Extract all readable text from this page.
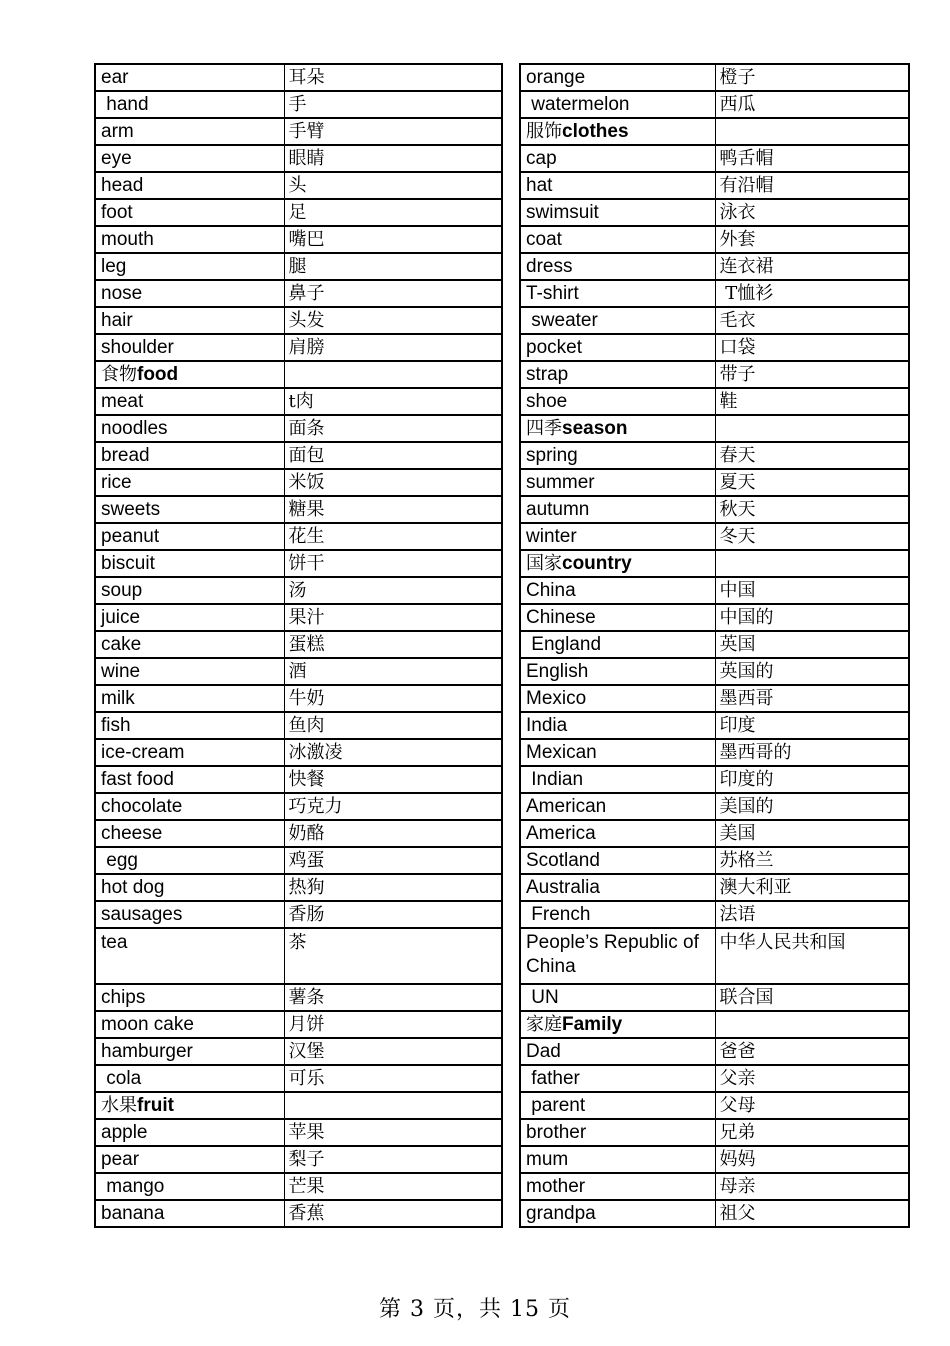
ear	耳朵
hand	手
arm	手臂
eye	眼睛
head	头
foot	足
mouth	嘴巴
leg	腿
nose	鼻子
hair	头发
shoulder	肩膀
食物food	
meat	t肉
noodles	面条
bread	面包
rice	米饭
sweets	糖果
peanut	花生
biscuit	饼干
soup	汤
juice	果汁
cake	蛋糕
wine	酒
milk	牛奶
fish	鱼肉
ice-cream	冰激凌
fast food	快餐
chocolate	巧克力
cheese	奶酪
egg	鸡蛋
hot dog	热狗
sausages	香肠
tea	茶
chips	薯条
moon cake	月饼
hamburger	汉堡
cola	可乐
水果fruit	
apple	苹果
pear	梨子
mango	芒果
banana	香蕉
orange	橙子
watermelon	西瓜
服饰clothes	
cap	鸭舌帽
hat	有沿帽
swimsuit	泳衣
coat	外套
dress	连衣裙
T-shirt	T恤衫
sweater	毛衣
pocket	口袋
strap	带子
shoe	鞋
四季season	
spring	春天
summer	夏天
autumn	秋天
winter	冬天
国家country	
China	中国
Chinese	中国的
England	英国
English	英国的
Mexico	墨西哥
India	印度
Mexican	墨西哥的
Indian	印度的
American	美国的
America	美国
Scotland	苏格兰
Australia	澳大利亚
French	法语
People’s Republic of China	中华人民共和国
UN	联合国
家庭Family	
Dad	爸爸
father	父亲
parent	父母
brother	兄弟
mum	妈妈
mother	母亲
grandpa	祖父
第 3 页，共 15 页
